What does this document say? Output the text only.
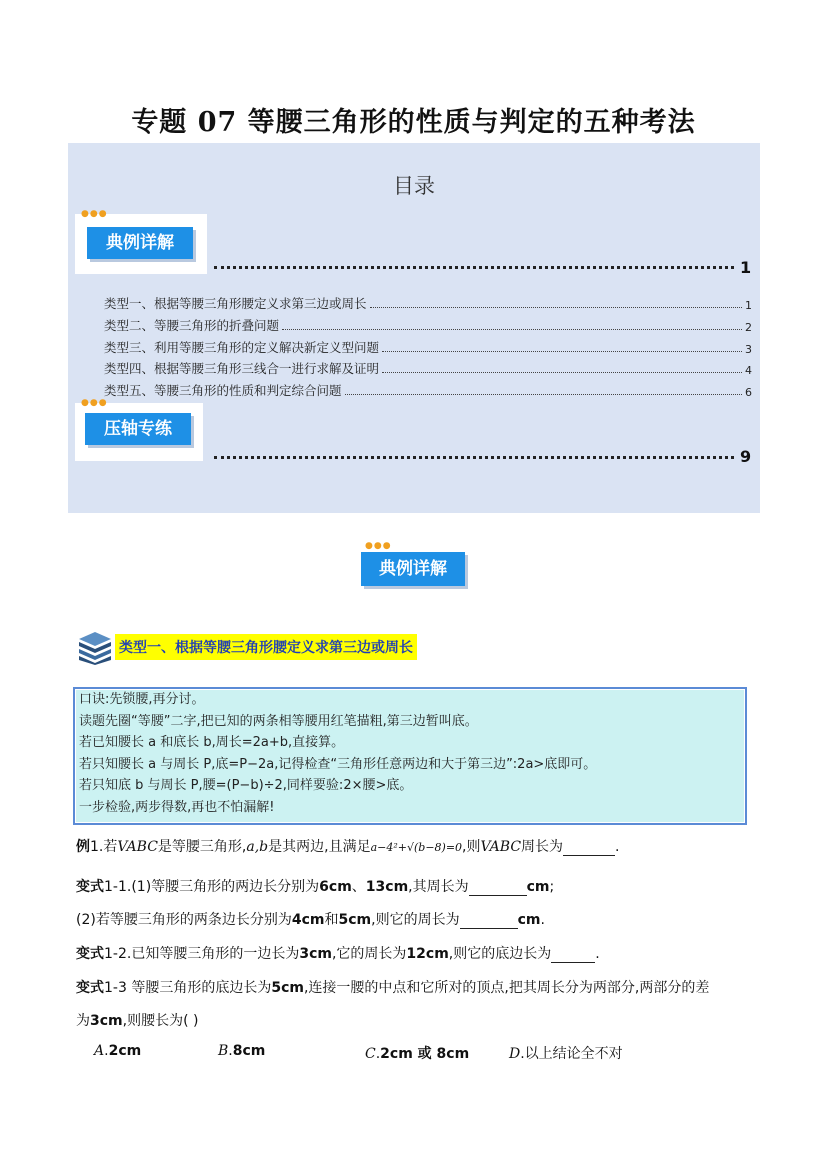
专题 07 等腰三角形的性质与判定的五种考法
目录
●●●
典例详解
1
类型一、根据等腰三角形腰定义求第三边或周长	1
类型二、等腰三角形的折叠问题	2
类型三、利用等腰三角形的定义解决新定义型问题	3
类型四、根据等腰三角形三线合一进行求解及证明	4
类型五、等腰三角形的性质和判定综合问题	6
●●●
压轴专练
9
●●●
典例详解
类型一、根据等腰三角形腰定义求第三边或周长
口诀:先锁腰,再分讨。
读题先圈“等腰”二字,把已知的两条相等腰用红笔描粗,第三边暂叫底。
若已知腰长 a 和底长 b,周长=2a+b,直接算。
若只知腰长 a 与周长 P,底=P−2a,记得检查“三角形任意两边和大于第三边”:2a>底即可。
若只知底 b 与周长 P,腰=(P−b)÷2,同样要验:2×腰>底。
一步检验,两步得数,再也不怕漏解!
例1.若VABC是等腰三角形,a,b是其两边,且满足a−4²+√(b−8)=0,则VABC周长为	.
变式1-1.(1)等腰三角形的两边长分别为6cm、13cm,其周长为	cm;
(2)若等腰三角形的两条边长分别为4cm和5cm,则它的周长为	cm.
变式1-2.已知等腰三角形的一边长为3cm,它的周长为12cm,则它的底边长为	.
变式1-3 等腰三角形的底边长为5cm,连接一腰的中点和它所对的顶点,把其周长分为两部分,两部分的差
为3cm,则腰长为( )
A.2cm	B.8cm	C.2cm 或 8cm	D.以上结论全不对
